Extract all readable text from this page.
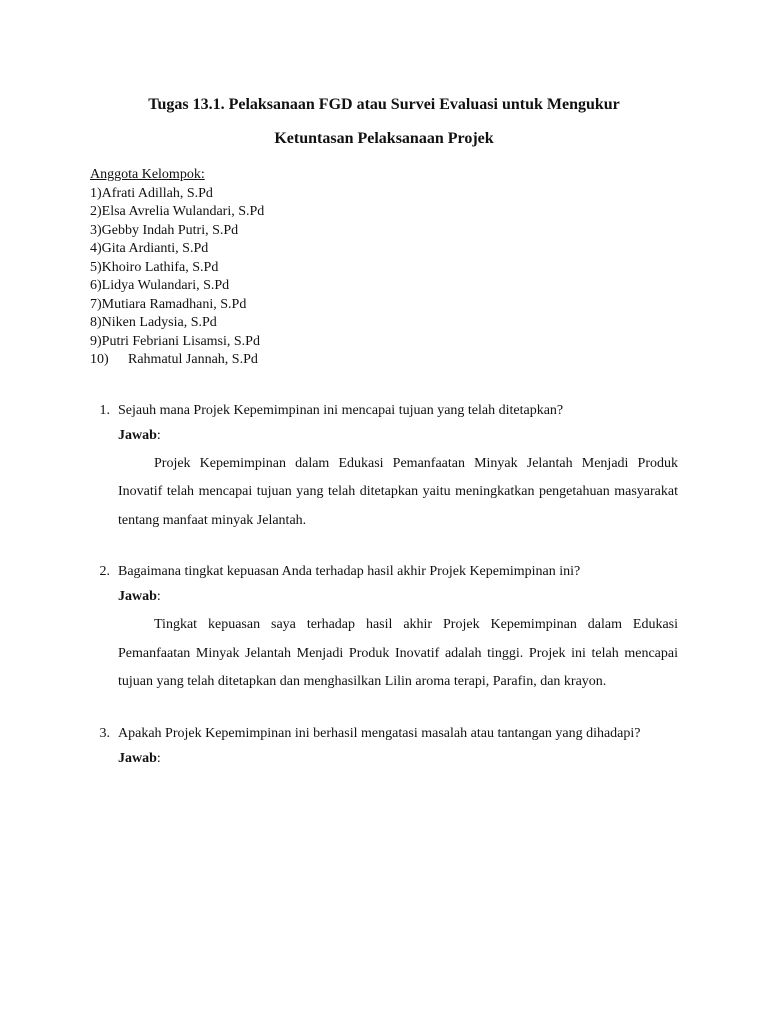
Tugas 13.1. Pelaksanaan FGD atau Survei Evaluasi untuk Mengukur
Ketuntasan Pelaksanaan Projek
Anggota Kelompok:
1) Afrati Adillah, S.Pd
2) Elsa Avrelia Wulandari, S.Pd
3) Gebby Indah Putri, S.Pd
4) Gita Ardianti, S.Pd
5) Khoiro Lathifa, S.Pd
6) Lidya Wulandari, S.Pd
7) Mutiara Ramadhani, S.Pd
8) Niken Ladysia, S.Pd
9) Putri Febriani Lisamsi, S.Pd
10)	Rahmatul Jannah, S.Pd
1. Sejauh mana Projek Kepemimpinan ini mencapai tujuan yang telah ditetapkan?

Jawab:

Projek Kepemimpinan dalam Edukasi Pemanfaatan Minyak Jelantah Menjadi Produk Inovatif telah mencapai tujuan yang telah ditetapkan yaitu meningkatkan pengetahuan masyarakat tentang manfaat minyak Jelantah.

2. Bagaimana tingkat kepuasan Anda terhadap hasil akhir Projek Kepemimpinan ini?

Jawab:

Tingkat kepuasan saya terhadap hasil akhir Projek Kepemimpinan dalam Edukasi Pemanfaatan Minyak Jelantah Menjadi Produk Inovatif adalah tinggi. Projek ini telah mencapai tujuan yang telah ditetapkan dan menghasilkan Lilin aroma terapi, Parafin, dan krayon.

3. Apakah Projek Kepemimpinan ini berhasil mengatasi masalah atau tantangan yang dihadapi?

Jawab:
